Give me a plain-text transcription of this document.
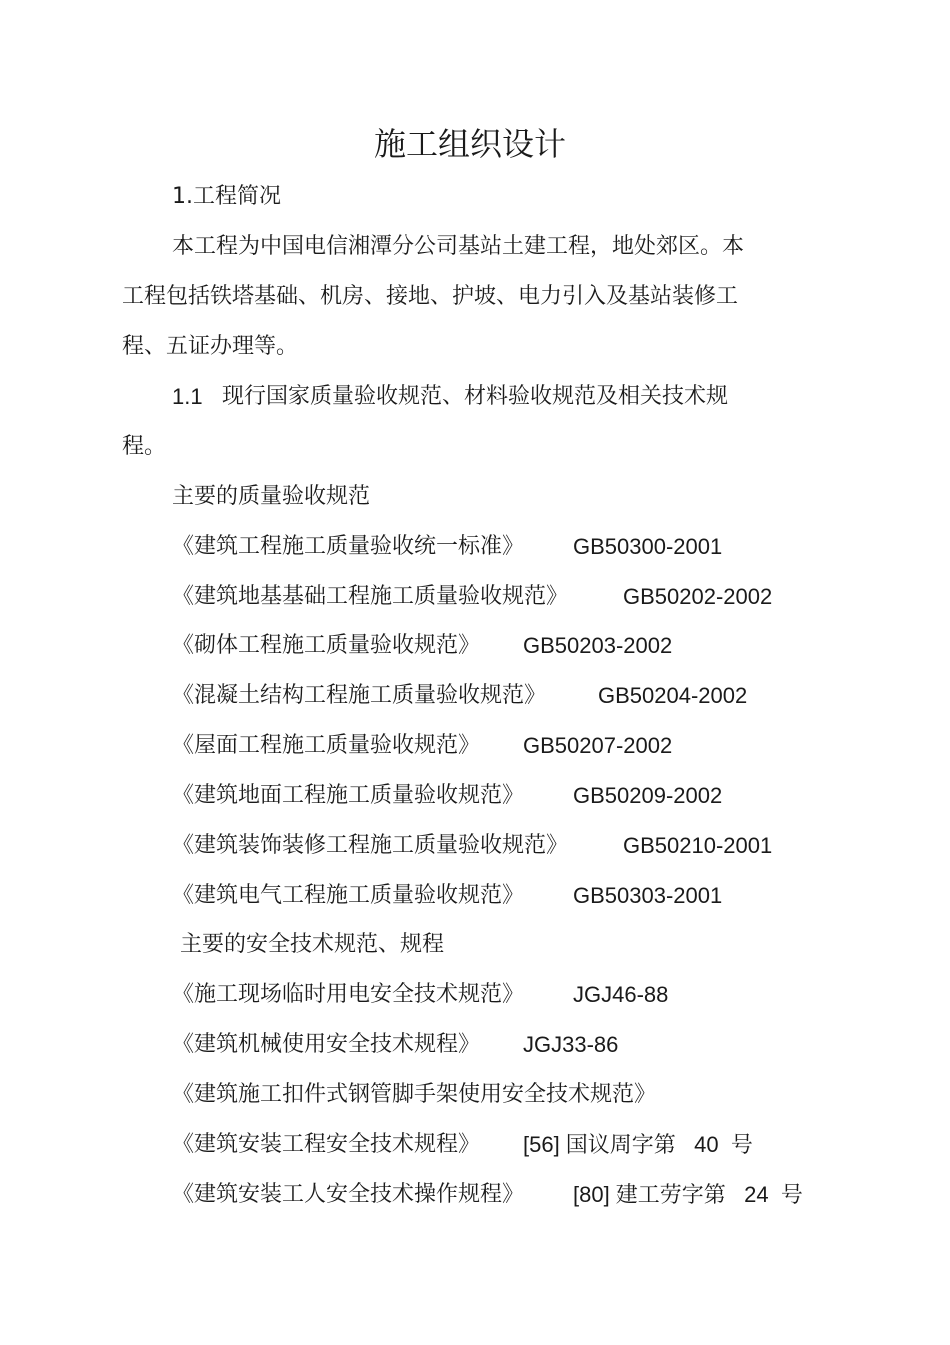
施工组织设计
1.工程简况
本工程为中国电信湘潭分公司基站土建工程，地处郊区。本
工程包括铁塔基础、机房、接地、护坡、电力引入及基站装修工
程、五证办理等。
1.1 现行国家质量验收规范、材料验收规范及相关技术规
程。
主要的质量验收规范
《建筑工程施工质量验收统一标准》 GB50300-2001
《建筑地基基础工程施工质量验收规范》 GB50202-2002
《砌体工程施工质量验收规范》 GB50203-2002
《混凝土结构工程施工质量验收规范》 GB50204-2002
《屋面工程施工质量验收规范》 GB50207-2002
《建筑地面工程施工质量验收规范》 GB50209-2002
《建筑装饰装修工程施工质量验收规范》 GB50210-2001
《建筑电气工程施工质量验收规范》 GB50303-2001
主要的安全技术规范、规程
《施工现场临时用电安全技术规范》 JGJ46-88
《建筑机械使用安全技术规程》 JGJ33-86
《建筑施工扣件式钢管脚手架使用安全技术规范》
《建筑安装工程安全技术规程》 [56] 国议周字第   40  号
《建筑安装工人安全技术操作规程》 [80] 建工劳字第   24  号
